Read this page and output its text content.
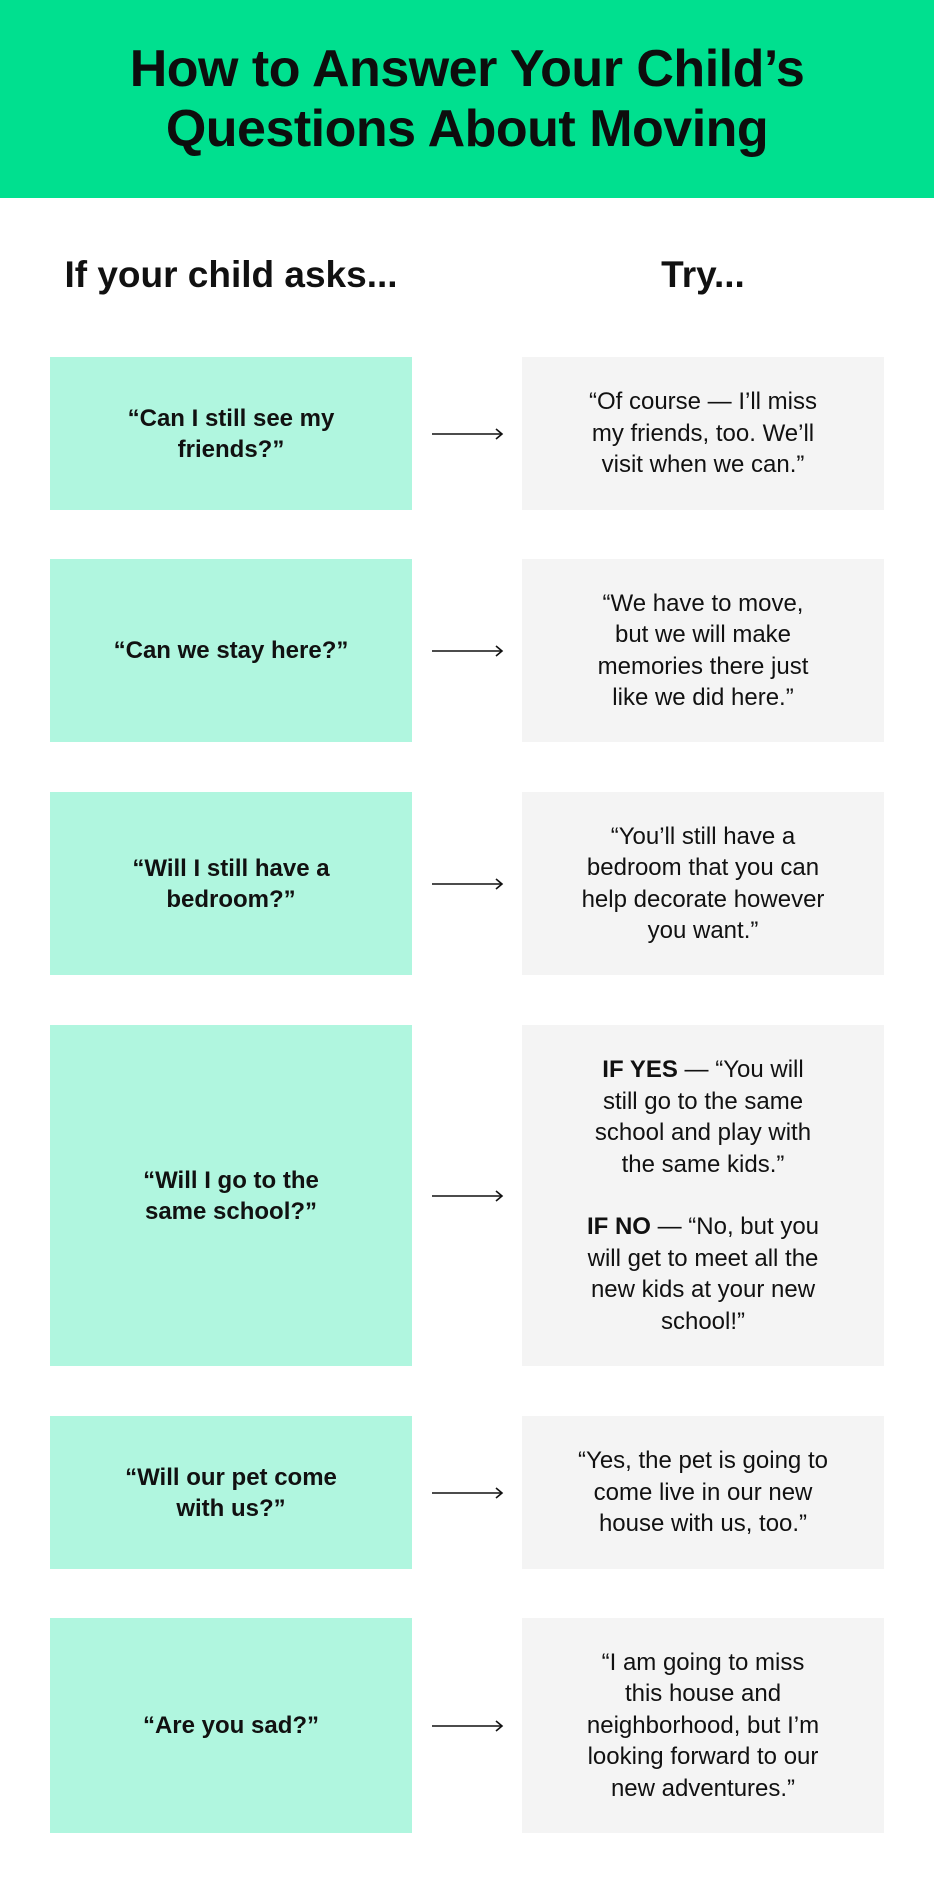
How to Answer Your Child’s Questions About Moving
If your child asks...	Try...
“Can I still see my friends?”
“Of course — I’ll miss my friends, too. We’ll visit when we can.”
“Can we stay here?”
“We have to move, but we will make memories there just like we did here.”
“Will I still have a bedroom?”
“You’ll still have a bedroom that you can help decorate however you want.”
“Will I go to the same school?”

IF YES — “You will still go to the same school and play with the same kids.”

IF NO — “No, but you will get to meet all the new kids at your new school!”

“Will our pet come with us?”
“Yes, the pet is going to come live in our new house with us, too.”
“Are you sad?”
“I am going to miss this house and neighborhood, but I’m looking forward to our new adventures.”
